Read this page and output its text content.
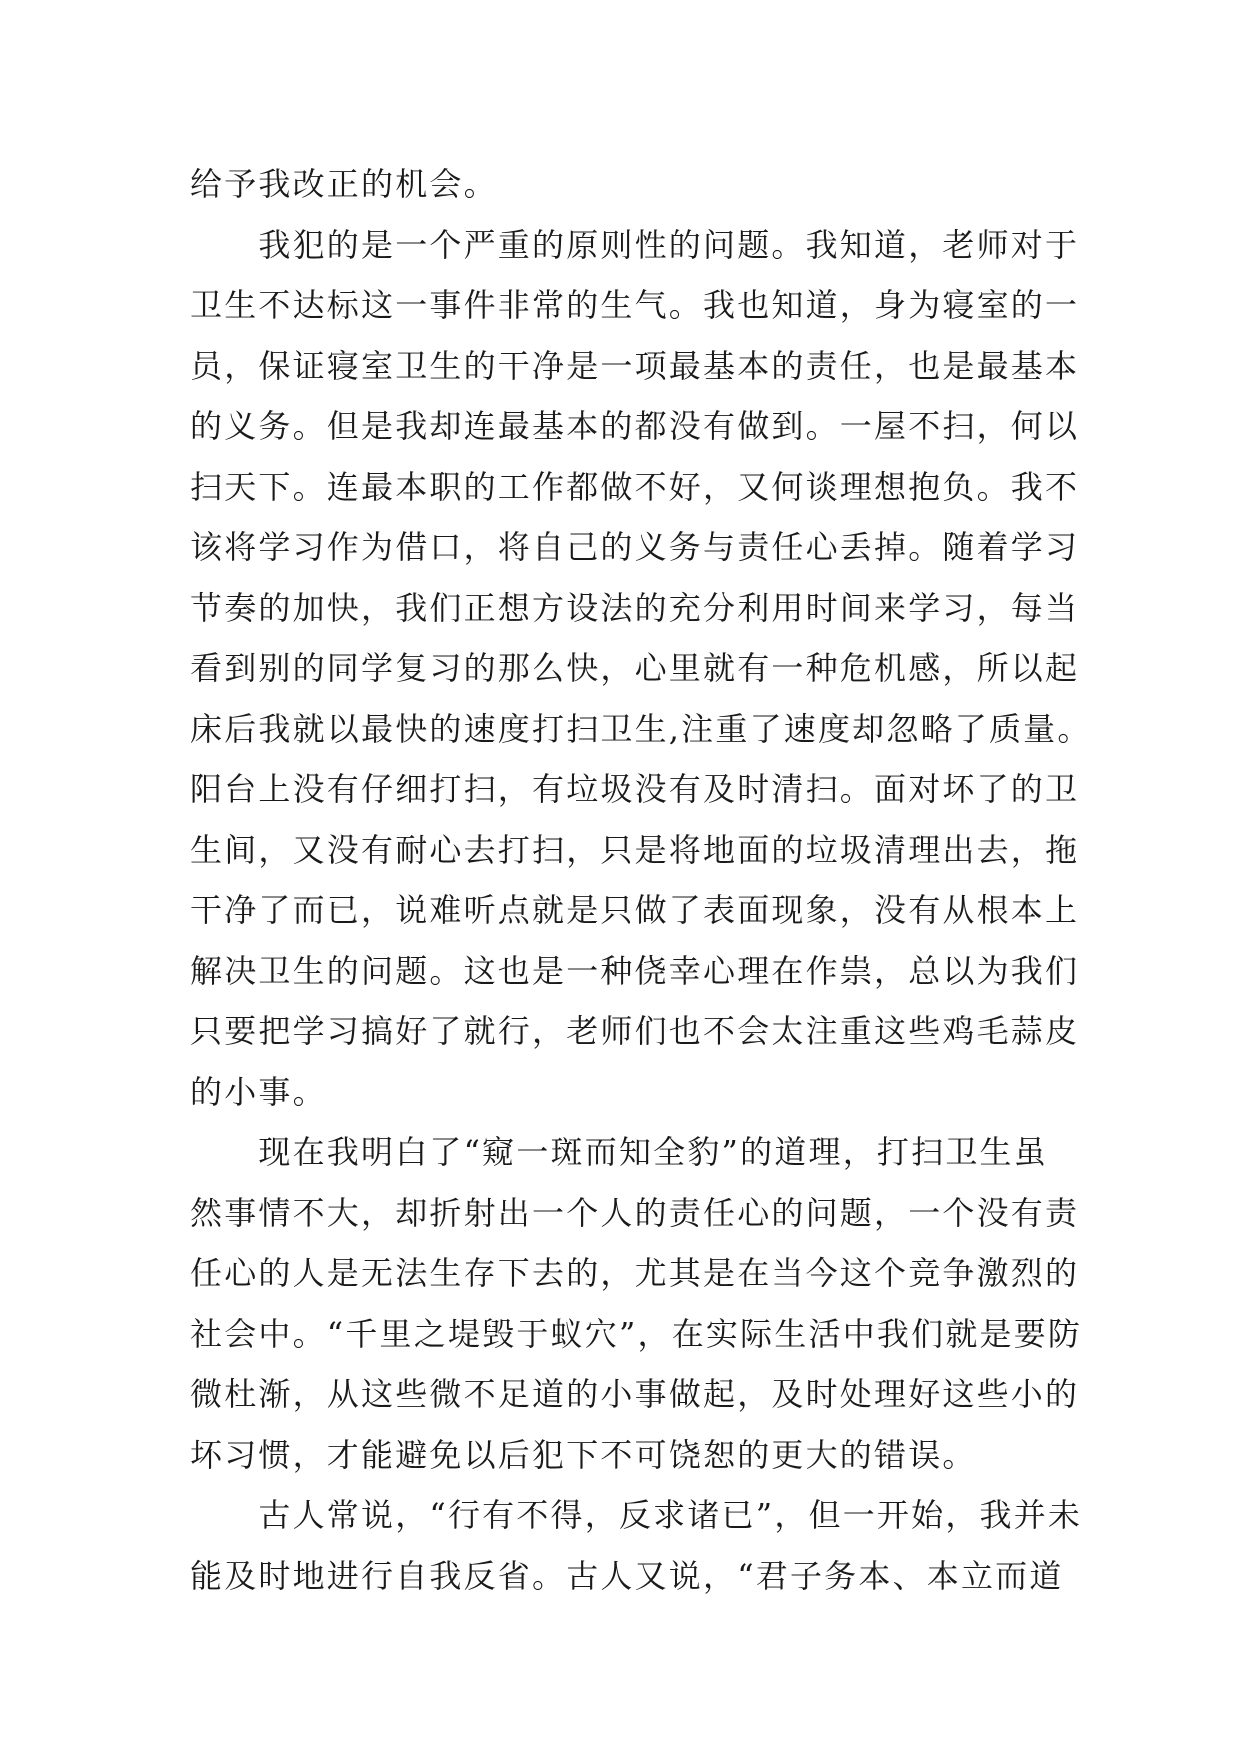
给予我改正的机会。
　　我犯的是一个严重的原则性的问题。我知道，老师对于
卫生不达标这一事件非常的生气。我也知道，身为寝室的一
员，保证寝室卫生的干净是一项最基本的责任，也是最基本
的义务。但是我却连最基本的都没有做到。一屋不扫，何以
扫天下。连最本职的工作都做不好，又何谈理想抱负。我不
该将学习作为借口，将自己的义务与责任心丢掉。随着学习
节奏的加快，我们正想方设法的充分利用时间来学习，每当
看到别的同学复习的那么快，心里就有一种危机感，所以起
床后我就以最快的速度打扫卫生,注重了速度却忽略了质量。
阳台上没有仔细打扫，有垃圾没有及时清扫。面对坏了的卫
生间，又没有耐心去打扫，只是将地面的垃圾清理出去，拖
干净了而已，说难听点就是只做了表面现象，没有从根本上
解决卫生的问题。这也是一种侥幸心理在作祟，总以为我们
只要把学习搞好了就行，老师们也不会太注重这些鸡毛蒜皮
的小事。
　　现在我明白了“窥一斑而知全豹”的道理，打扫卫生虽
然事情不大，却折射出一个人的责任心的问题，一个没有责
任心的人是无法生存下去的，尤其是在当今这个竞争激烈的
社会中。“千里之堤毁于蚁穴”，在实际生活中我们就是要防
微杜渐，从这些微不足道的小事做起，及时处理好这些小的
坏习惯，才能避免以后犯下不可饶恕的更大的错误。
　　古人常说，“行有不得，反求诸已”，但一开始，我并未
能及时地进行自我反省。古人又说，“君子务本、本立而道
